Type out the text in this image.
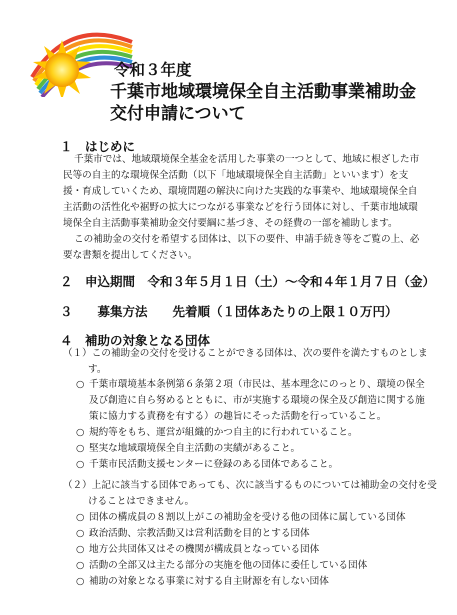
令和３年度
千葉市地域環境保全自主活動事業補助金
交付申請について
１　はじめに
千葉市では、地域環境保全基金を活用した事業の一つとして、地域に根ざした市
民等の自主的な環境保全活動（以下「地域環境保全自主活動」といいます）を支
援・育成していくため、環境問題の解決に向けた実践的な事業や、地域環境保全自
主活動の活性化や裾野の拡大につながる事業などを行う団体に対し、千葉市地域環
境保全自主活動事業補助金交付要綱に基づき、その経費の一部を補助します。
この補助金の交付を希望する団体は、以下の要件、申請手続き等をご覧の上、必
要な書類を提出してください。
２　申込期間　令和３年５月１日（土）～令和４年１月７日（金）
３　　募集方法　　先着順（１団体あたりの上限１０万円）
４　補助の対象となる団体
（１）この補助金の交付を受けることができる団体は、次の要件を満たすものとしま
す。
○ 千葉市環境基本条例第６条第２項（市民は、基本理念にのっとり、環境の保全
及び創造に自ら努めるとともに、市が実施する環境の保全及び創造に関する施
策に協力する責務を有する）の趣旨にそった活動を行っていること。
○ 規約等をもち、運営が組織的かつ自主的に行われていること。
○ 堅実な地域環境保全自主活動の実績があること。
○ 千葉市民活動支援センターに登録のある団体であること。
（２）上記に該当する団体であっても、次に該当するものについては補助金の交付を受
けることはできません。
○ 団体の構成員の８割以上がこの補助金を受ける他の団体に属している団体
○ 政治活動、宗教活動又は営利活動を目的とする団体
○ 地方公共団体又はその機関が構成員となっている団体
○ 活動の全部又は主たる部分の実施を他の団体に委任している団体
○ 補助の対象となる事業に対する自主財源を有しない団体
